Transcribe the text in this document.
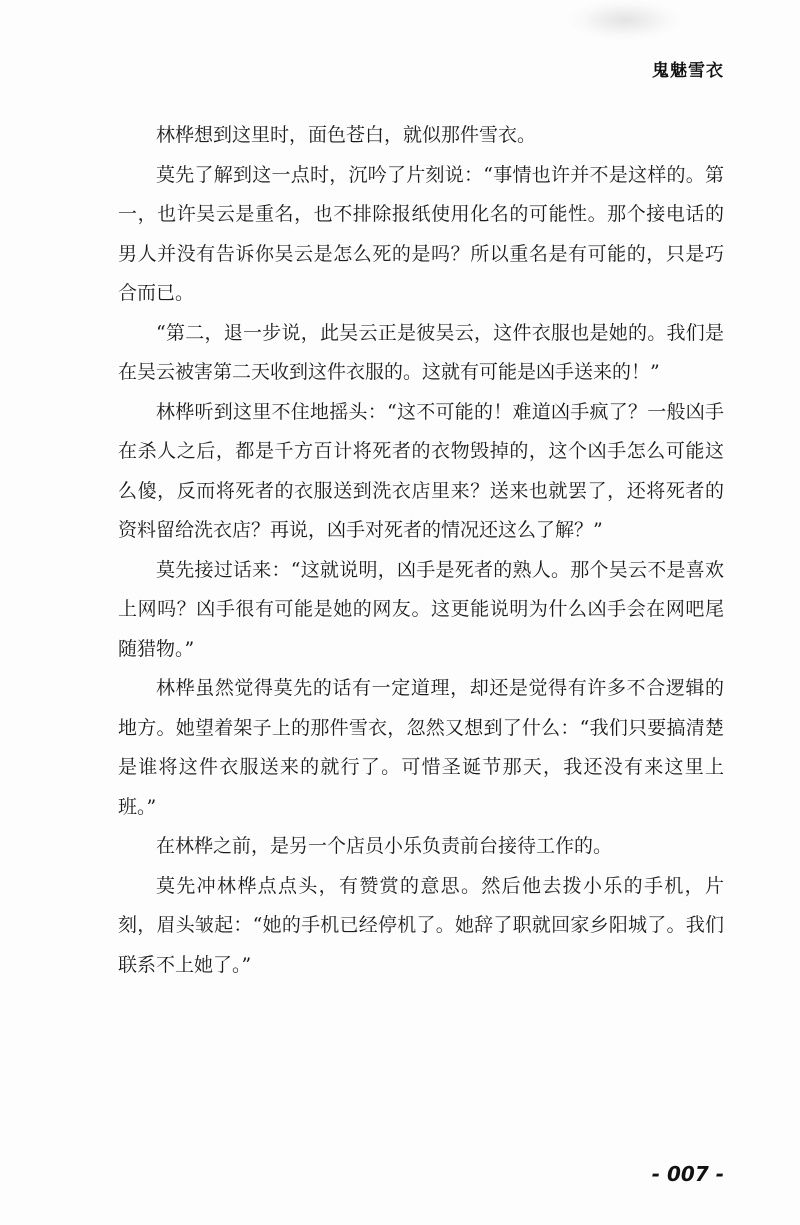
鬼魅雪衣

林桦想到这里时，面色苍白，就似那件雪衣。

莫先了解到这一点时，沉吟了片刻说：“事情也许并不是这样的。第一，也许吴云是重名，也不排除报纸使用化名的可能性。那个接电话的男人并没有告诉你吴云是怎么死的是吗？所以重名是有可能的，只是巧合而已。

“第二，退一步说，此吴云正是彼吴云，这件衣服也是她的。我们是在吴云被害第二天收到这件衣服的。这就有可能是凶手送来的！”

林桦听到这里不住地摇头：“这不可能的！难道凶手疯了？一般凶手在杀人之后，都是千方百计将死者的衣物毁掉的，这个凶手怎么可能这么傻，反而将死者的衣服送到洗衣店里来？送来也就罢了，还将死者的资料留给洗衣店？再说，凶手对死者的情况还这么了解？”

莫先接过话来：“这就说明，凶手是死者的熟人。那个吴云不是喜欢上网吗？凶手很有可能是她的网友。这更能说明为什么凶手会在网吧尾随猎物。”

林桦虽然觉得莫先的话有一定道理，却还是觉得有许多不合逻辑的地方。她望着架子上的那件雪衣，忽然又想到了什么：“我们只要搞清楚是谁将这件衣服送来的就行了。可惜圣诞节那天，我还没有来这里上班。”

在林桦之前，是另一个店员小乐负责前台接待工作的。

莫先冲林桦点点头，有赞赏的意思。然后他去拨小乐的手机，片刻，眉头皱起：“她的手机已经停机了。她辞了职就回家乡阳城了。我们联系不上她了。”

- 007 -
